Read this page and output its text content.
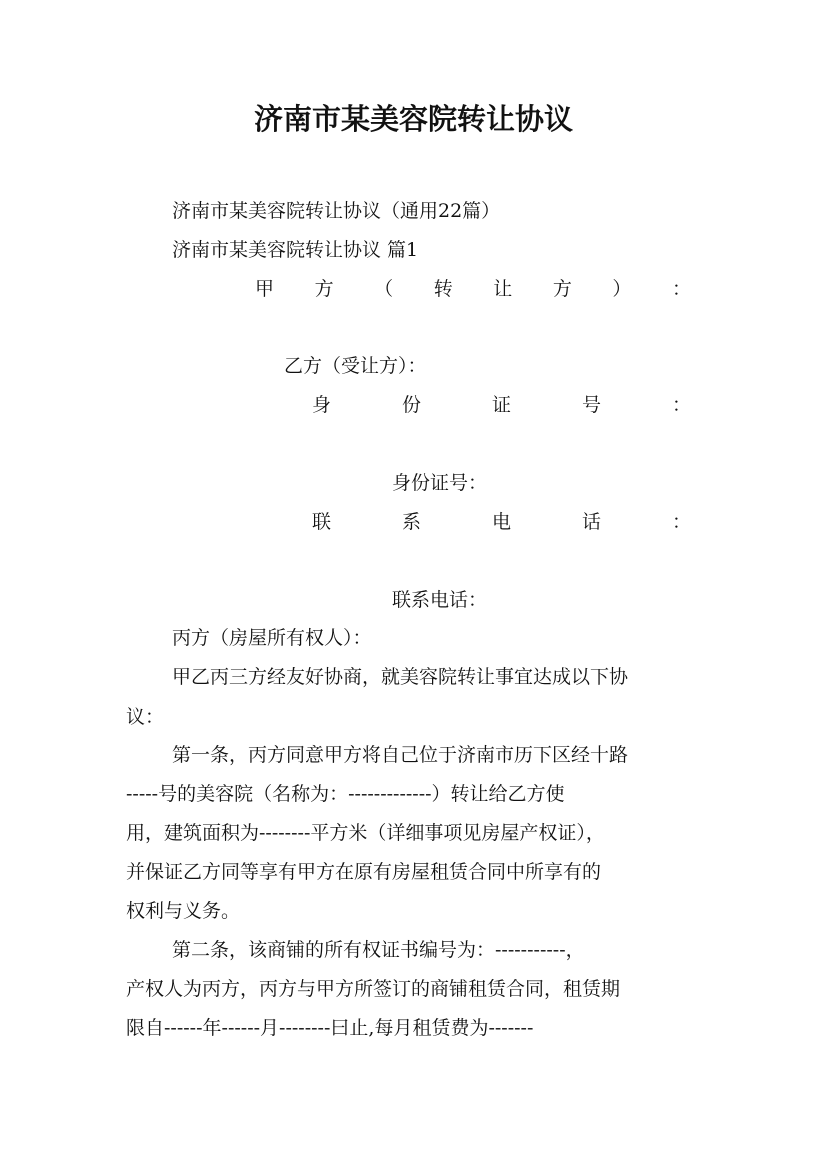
济南市某美容院转让协议
济南市某美容院转让协议（通用22篇）
济南市某美容院转让协议 篇1
甲 方 （ 转 让 方 ） ：
乙方（受让方）：
身	份	证	号	：
身份证号：
联	系	电	话	：
联系电话：
丙方（房屋所有权人）：
甲乙丙三方经友好协商，就美容院转让事宜达成以下协
议：
第一条，丙方同意甲方将自己位于济南市历下区经十路
-----号的美容院（名称为：-------------）转让给乙方使
用，建筑面积为--------平方米（详细事项见房屋产权证），
并保证乙方同等享有甲方在原有房屋租赁合同中所享有的
权利与义务。
第二条，该商铺的所有权证书编号为：-----------，
产权人为丙方，丙方与甲方所签订的商铺租赁合同，租赁期
限自------年------月--------曰止,每月租赁费为-------
